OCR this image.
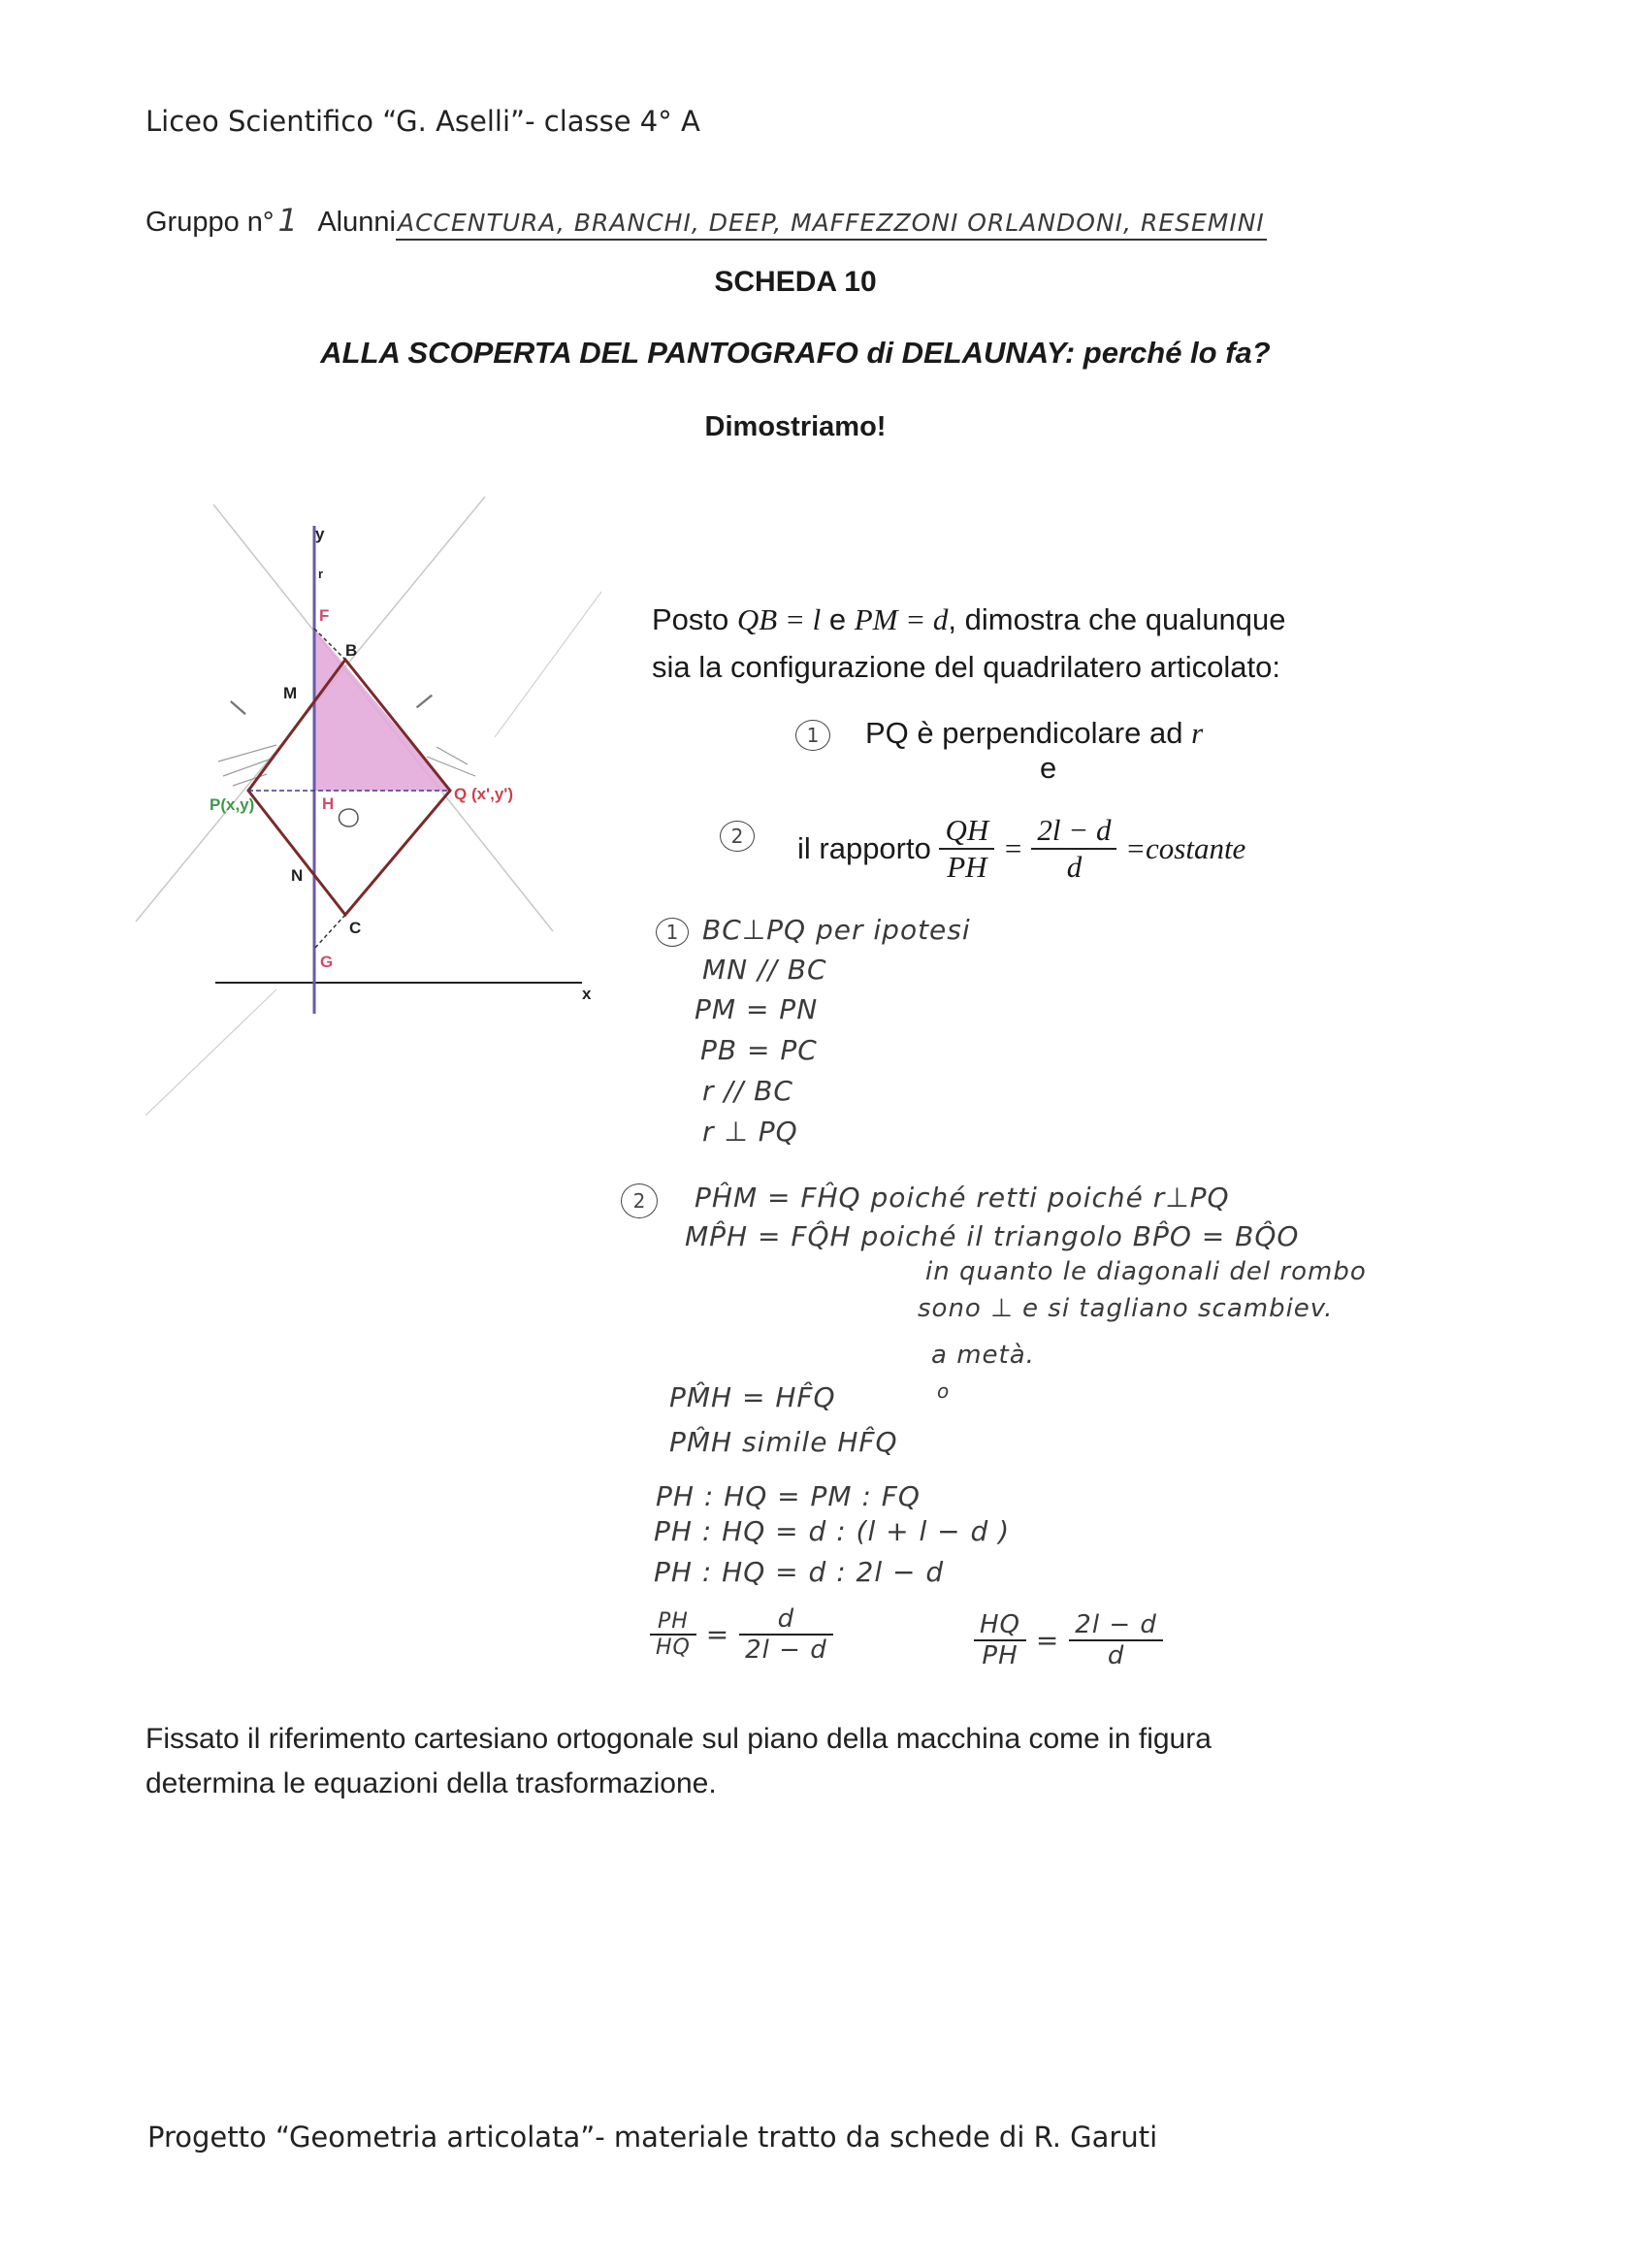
Liceo Scientifico “G. Aselli”- classe 4° A
Gruppo n° 1 AlunniACCENTURA, BRANCHI, DEEP, MAFFEZZONI ORLANDONI, RESEMINI
SCHEDA 10
ALLA SCOPERTA DEL PANTOGRAFO di DELAUNAY: perché lo fa?
Dimostriamo!
y
r
x
F
B
M
H
P(x,y)
Q (x',y')
N
C
G
l	l
Posto QB = l e PM = d, dimostra che qualunque
sia la configurazione del quadrilatero articolato:
1	PQ è perpendicolare ad r
e
2	il rapporto $\frac{QH}{PH} = \frac{2l - d}{d}$ =costante
1 BC⊥PQ per ipotesi
MN // BC
PM = PN
PB = PC
r // BC
r ⊥ PQ
2	PĤM = FĤQ poiché retti poiché r⊥PQ
MP̂H = FQ̂H poiché il triangolo BP̂O = BQ̂O
in quanto le diagonali del rombo
sono ⊥ e si tagliano scambiev.
a metà.
PM̂H = HF̂Q	o
PM̂H simile HF̂Q
PH : HQ = PM : FQ
PH : HQ = d : (l + l − d )
PH : HQ = d : 2l − d
$\frac{PH}{HQ} = \frac{d}{2l - d}$	$\frac{HQ}{PH} = \frac{2l - d}{d}$
Fissato il riferimento cartesiano ortogonale sul piano della macchina come in figura
determina le equazioni della trasformazione.
Progetto “Geometria articolata”- materiale tratto da schede di R. Garuti
